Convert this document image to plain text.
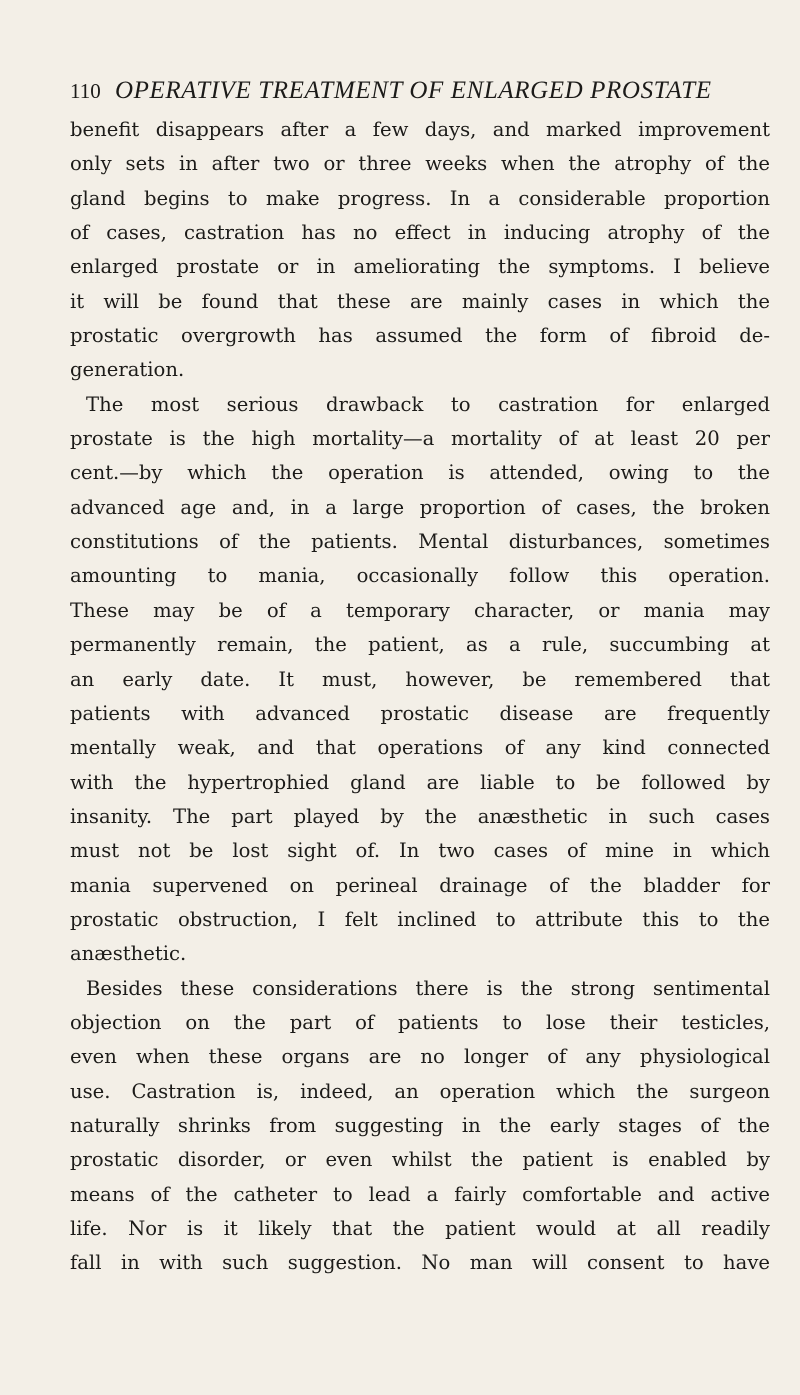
110 OPERATIVE TREATMENT OF ENLARGED PROSTATE
benefit disappears after a few days, and marked improvement
only sets in after two or three weeks when the atrophy of the
gland begins to make progress. In a considerable proportion
of cases, castration has no effect in inducing atrophy of the
enlarged prostate or in ameliorating the symptoms. I believe
it will be found that these are mainly cases in which the
prostatic overgrowth has assumed the form of fibroid de-
generation.
The most serious drawback to castration for enlarged
prostate is the high mortality—a mortality of at least 20 per
cent.—by which the operation is attended, owing to the
advanced age and, in a large proportion of cases, the broken
constitutions of the patients. Mental disturbances, sometimes
amounting to mania, occasionally follow this operation.
These may be of a temporary character, or mania may
permanently remain, the patient, as a rule, succumbing at
an early date. It must, however, be remembered that
patients with advanced prostatic disease are frequently
mentally weak, and that operations of any kind connected
with the hypertrophied gland are liable to be followed by
insanity. The part played by the anæsthetic in such cases
must not be lost sight of. In two cases of mine in which
mania supervened on perineal drainage of the bladder for
prostatic obstruction, I felt inclined to attribute this to the
anæsthetic.
Besides these considerations there is the strong sentimental
objection on the part of patients to lose their testicles,
even when these organs are no longer of any physiological
use. Castration is, indeed, an operation which the surgeon
naturally shrinks from suggesting in the early stages of the
prostatic disorder, or even whilst the patient is enabled by
means of the catheter to lead a fairly comfortable and active
life. Nor is it likely that the patient would at all readily
fall in with such suggestion. No man will consent to have
